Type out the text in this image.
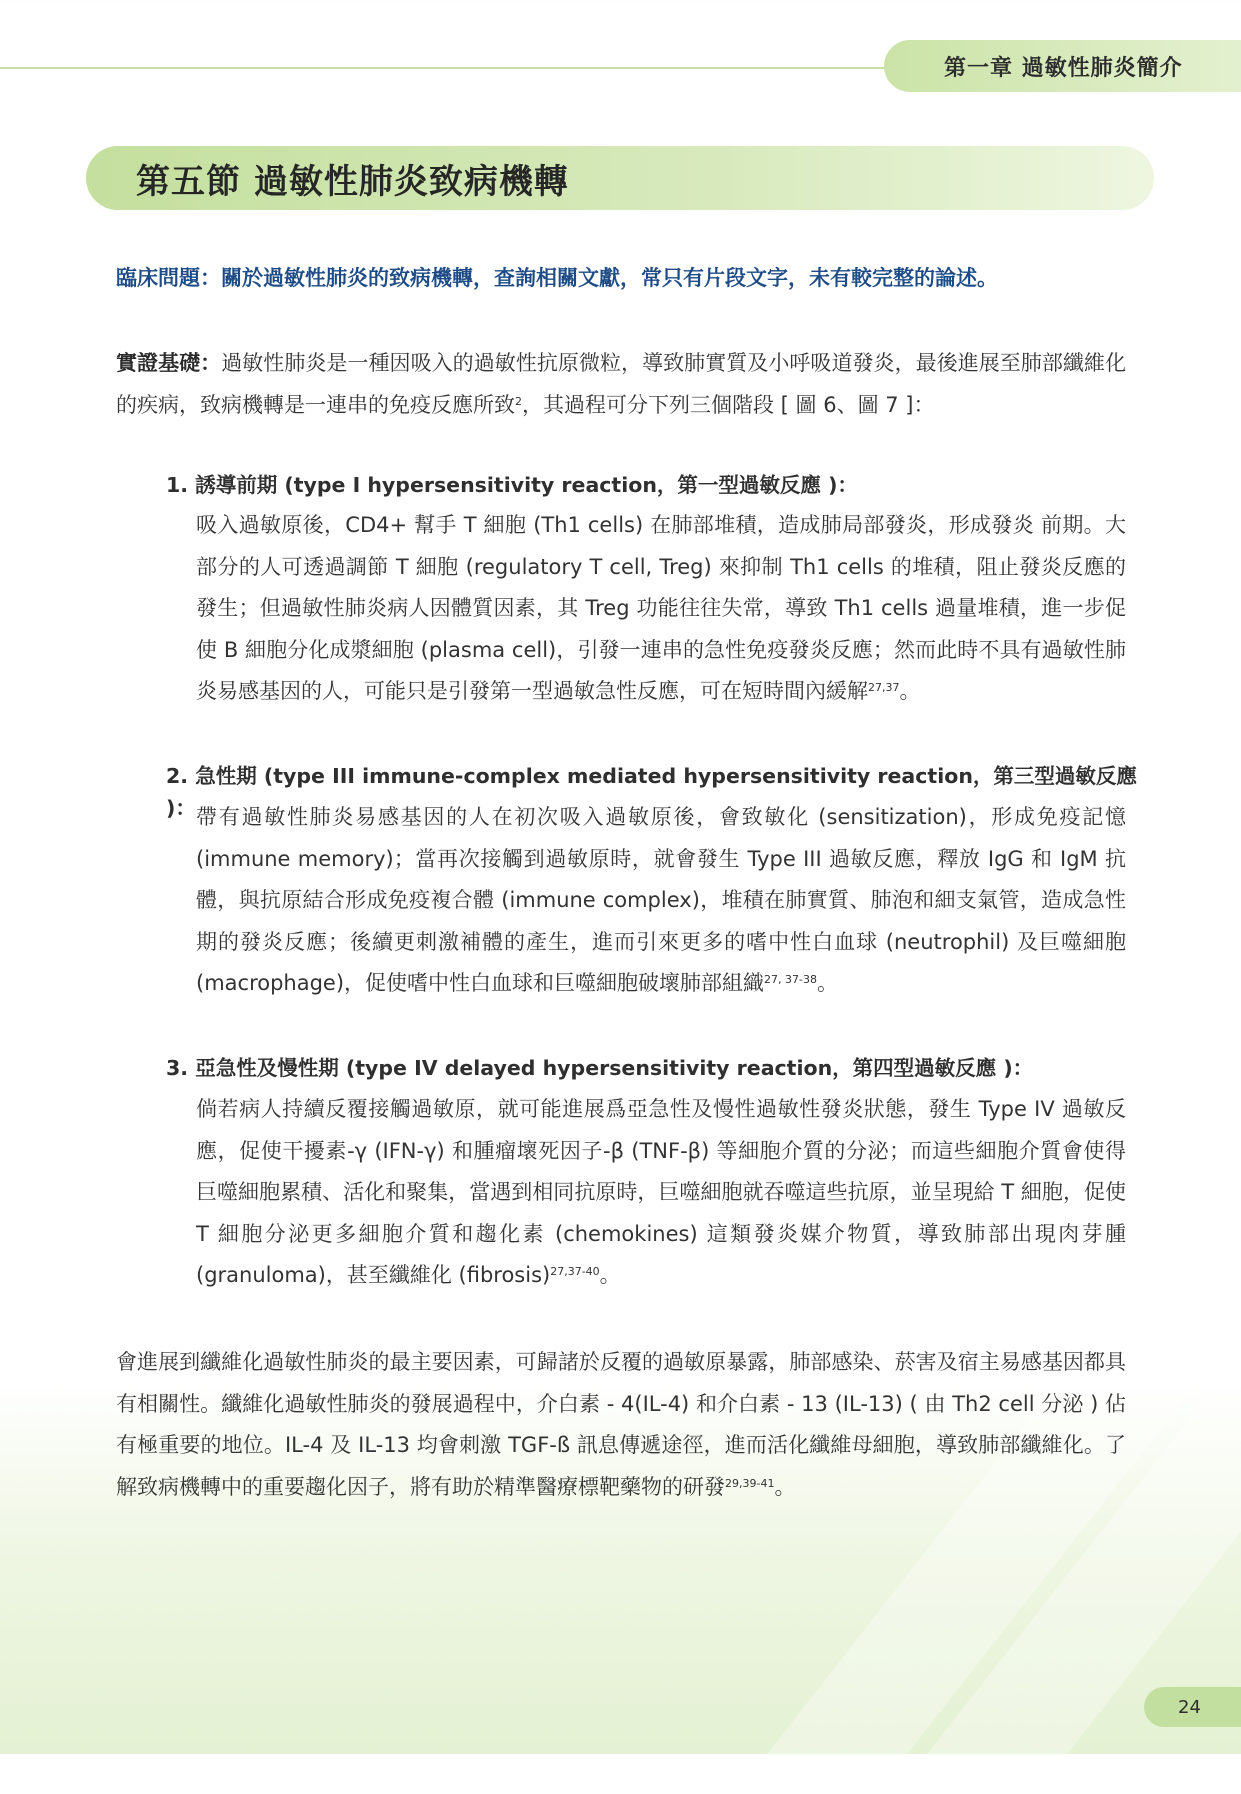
第一章 過敏性肺炎簡介
第五節 過敏性肺炎致病機轉
臨床問題：關於過敏性肺炎的致病機轉，查詢相關文獻，常只有片段文字，未有較完整的論述。
實證基礎：過敏性肺炎是一種因吸入的過敏性抗原微粒，導致肺實質及小呼吸道發炎，最後進展至肺部纖維化的疾病，致病機轉是一連串的免疫反應所致$^2$，其過程可分下列三個階段 [ 圖 6、圖 7 ]：
1. 誘導前期 (type I hypersensitivity reaction，第一型過敏反應 )：
吸入過敏原後，CD4+ 幫手 T 細胞 (Th1 cells) 在肺部堆積，造成肺局部發炎，形成發炎 前期。大部分的人可透過調節 T 細胞 (regulatory T cell, Treg) 來抑制 Th1 cells 的堆積，阻止發炎反應的發生；但過敏性肺炎病人因體質因素，其 Treg 功能往往失常，導致 Th1 cells 過量堆積，進一步促使 B 細胞分化成漿細胞 (plasma cell)，引發一連串的急性免疫發炎反應；然而此時不具有過敏性肺炎易感基因的人，可能只是引發第一型過敏急性反應，可在短時間內緩解$^{27,37}$。
2. 急性期 (type III immune-complex mediated hypersensitivity reaction，第三型過敏反應 )： 帶有過敏性肺炎易感基因的人在初次吸入過敏原後，會致敏化 (sensitization)，形成免疫記憶 (immune memory)；當再次接觸到過敏原時，就會發生 Type III 過敏反應，釋放 IgG 和 IgM 抗體，與抗原結合形成免疫複合體 (immune complex)，堆積在肺實質、肺泡和細支氣管，造成急性期的發炎反應；後續更刺激補體的產生，進而引來更多的嗜中性白血球 (neutrophil) 及巨噬細胞 (macrophage)，促使嗜中性白血球和巨噬細胞破壞肺部組織$^{27, 37-38}$。
3. 亞急性及慢性期 (type IV delayed hypersensitivity reaction，第四型過敏反應 )：
倘若病人持續反覆接觸過敏原，就可能進展爲亞急性及慢性過敏性發炎狀態，發生 Type IV 過敏反應，促使干擾素-γ (IFN-γ) 和腫瘤壞死因子-β (TNF-β) 等細胞介質的分泌；而這些細胞介質會使得巨噬細胞累積、活化和聚集，當遇到相同抗原時，巨噬細胞就吞噬這些抗原，並呈現給 T 細胞，促使 T 細胞分泌更多細胞介質和趨化素 (chemokines) 這類發炎媒介物質，導致肺部出現肉芽腫 (granuloma)，甚至纖維化 (fibrosis)$^{27,37-40}$。
會進展到纖維化過敏性肺炎的最主要因素，可歸諸於反覆的過敏原暴露，肺部感染、菸害及宿主易感基因都具有相關性。纖維化過敏性肺炎的發展過程中，介白素 - 4(IL-4) 和介白素 - 13 (IL-13) ( 由 Th2 cell 分泌 ) 佔有極重要的地位。IL-4 及 IL-13 均會刺激 TGF-ß 訊息傳遞途徑，進而活化纖維母細胞，導致肺部纖維化。了解致病機轉中的重要趨化因子，將有助於精準醫療標靶藥物的研發$^{29,39-41}$。
24
